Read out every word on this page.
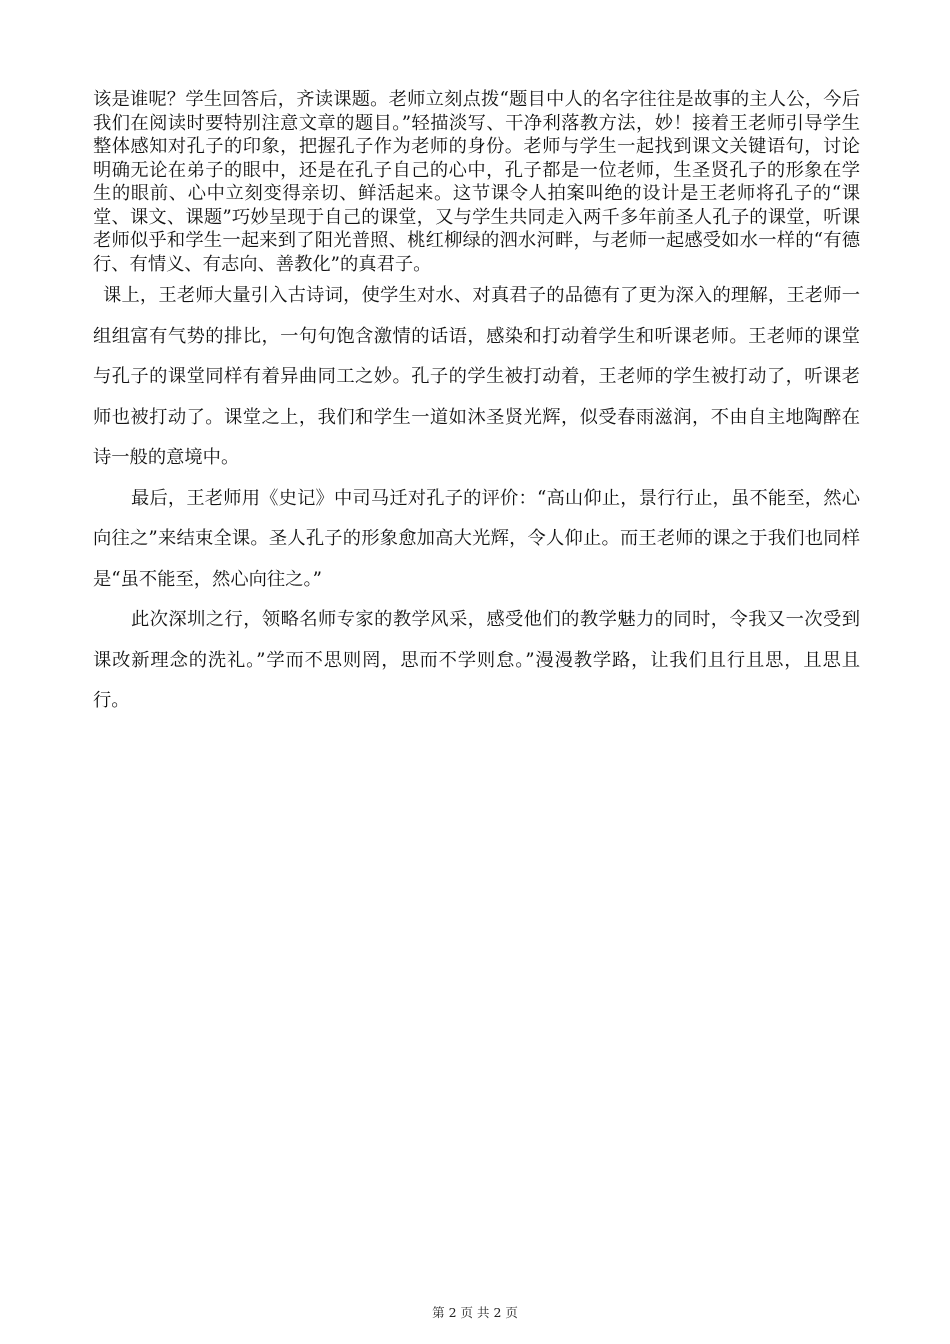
该是谁呢？学生回答后，齐读课题。老师立刻点拨“题目中人的名字往往是故事的主人公，今后我们在阅读时要特别注意文章的题目。”轻描淡写、干净利落教方法，妙！接着王老师引导学生整体感知对孔子的印象，把握孔子作为老师的身份。老师与学生一起找到课文关键语句，讨论明确无论在弟子的眼中，还是在孔子自己的心中，孔子都是一位老师，生圣贤孔子的形象在学生的眼前、心中立刻变得亲切、鲜活起来。这节课令人拍案叫绝的设计是王老师将孔子的“课堂、课文、课题”巧妙呈现于自己的课堂，又与学生共同走入两千多年前圣人孔子的课堂，听课老师似乎和学生一起来到了阳光普照、桃红柳绿的泗水河畔，与老师一起感受如水一样的“有德行、有情义、有志向、善教化”的真君子。

课上，王老师大量引入古诗词，使学生对水、对真君子的品德有了更为深入的理解，王老师一组组富有气势的排比，一句句饱含激情的话语，感染和打动着学生和听课老师。王老师的课堂与孔子的课堂同样有着异曲同工之妙。孔子的学生被打动着，王老师的学生被打动了，听课老师也被打动了。课堂之上，我们和学生一道如沐圣贤光辉，似受春雨滋润，不由自主地陶醉在诗一般的意境中。

最后，王老师用《史记》中司马迁对孔子的评价：“高山仰止，景行行止，虽不能至，然心向往之”来结束全课。圣人孔子的形象愈加高大光辉，令人仰止。而王老师的课之于我们也同样是“虽不能至，然心向往之。”

此次深圳之行，领略名师专家的教学风采，感受他们的教学魅力的同时，令我又一次受到课改新理念的洗礼。”学而不思则罔，思而不学则怠。”漫漫教学路，让我们且行且思，且思且行。

第 2 页 共 2 页
